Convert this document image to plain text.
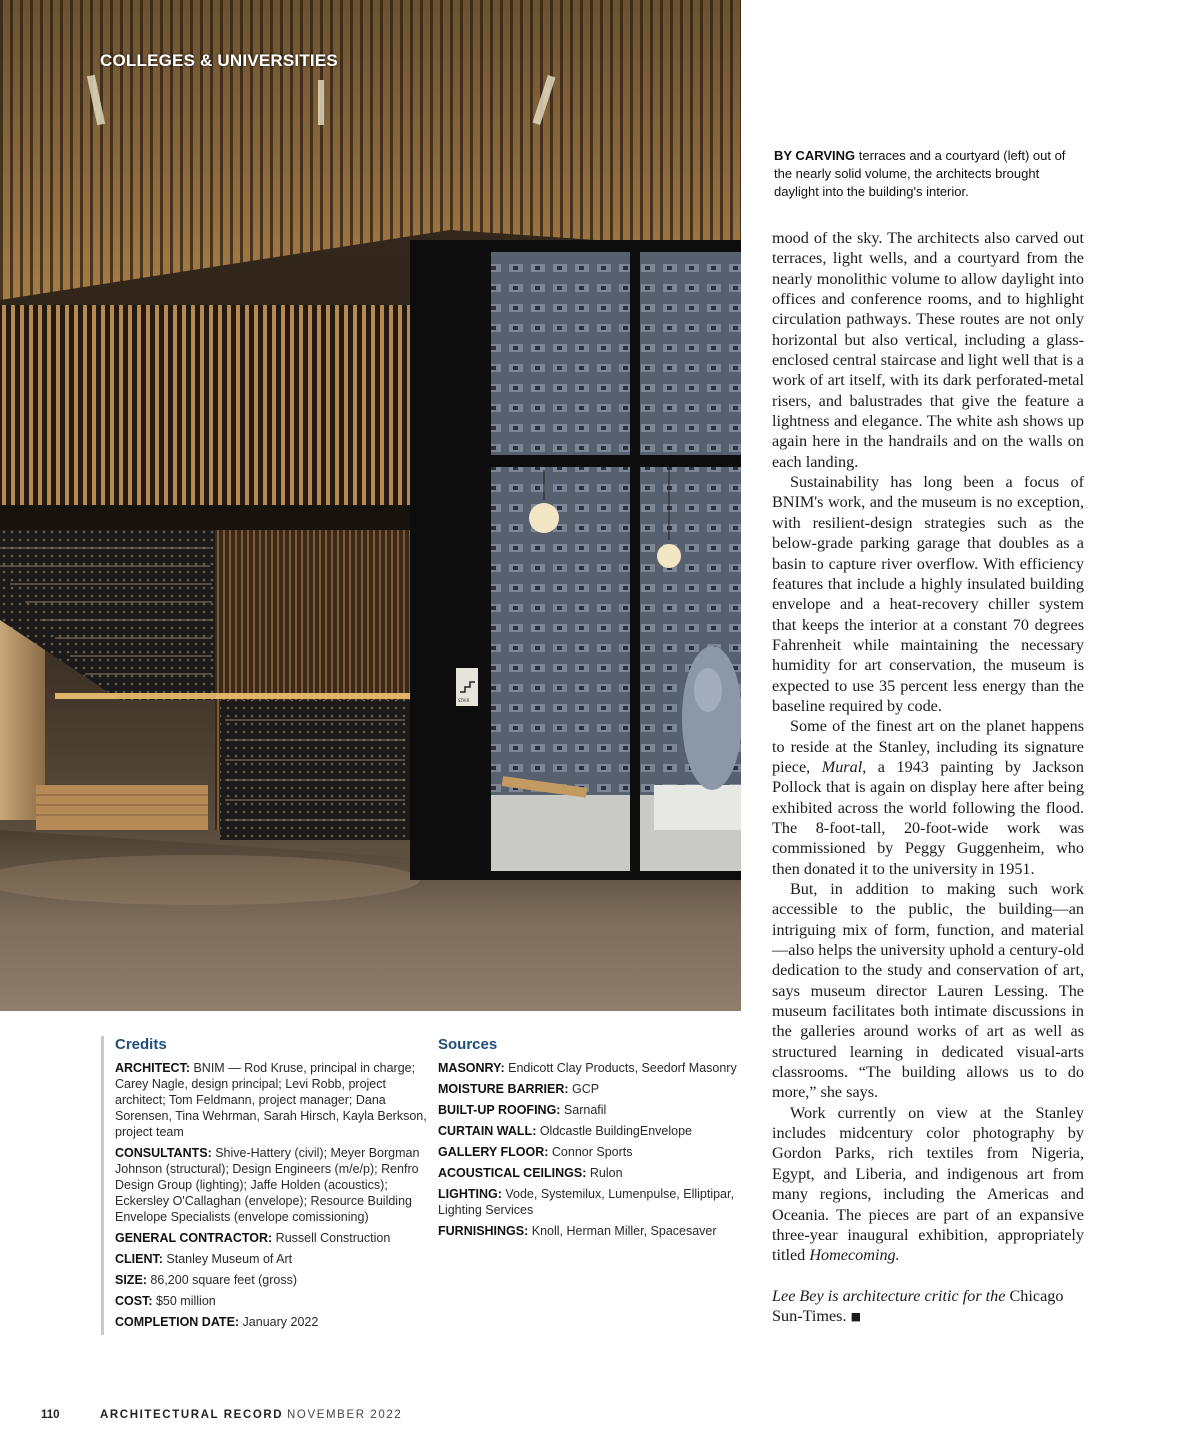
STAIR
COLLEGES & UNIVERSITIES

BY CARVING terraces and a courtyard (left) out of the nearly solid volume, the architects brought daylight into the building's interior.

mood of the sky. The architects also carved out terraces, light wells, and a courtyard from the nearly monolithic volume to allow daylight into offices and conference rooms, and to highlight circulation pathways. These routes are not only horizontal but also vertical, including a glass-enclosed central staircase and light well that is a work of art itself, with its dark perforated-metal risers, and balustrades that give the feature a lightness and elegance. The white ash shows up again here in the handrails and on the walls on each landing.

Sustainability has long been a focus of BNIM's work, and the museum is no exception, with resilient-design strategies such as the below-grade parking garage that doubles as a basin to capture river overflow. With efficiency features that include a highly insulated building envelope and a heat-recovery chiller system that keeps the interior at a constant 70 degrees Fahrenheit while maintaining the necessary humidity for art conservation, the museum is expected to use 35 percent less energy than the baseline required by code.

Some of the finest art on the planet happens to reside at the Stanley, including its signature piece, Mural, a 1943 painting by Jackson Pollock that is again on display here after being exhibited across the world following the flood. The 8-foot-tall, 20-foot-wide work was commissioned by Peggy Guggenheim, who then donated it to the university in 1951.

But, in addition to making such work accessible to the public, the building—an intriguing mix of form, function, and material—also helps the university uphold a century-old dedication to the study and conservation of art, says museum director Lauren Lessing. The museum facilitates both intimate discussions in the galleries around works of art as well as structured learning in dedicated visual-arts classrooms. “The building allows us to do more,” she says.

Work currently on view at the Stanley includes midcentury color photography by Gordon Parks, rich textiles from Nigeria, Egypt, and Liberia, and indigenous art from many regions, including the Americas and Oceania. The pieces are part of an expansive three-year inaugural exhibition, appropriately titled Homecoming.

Lee Bey is architecture critic for the Chicago Sun-Times. ■

Credits

ARCHITECT: BNIM — Rod Kruse, principal in charge; Carey Nagle, design principal; Levi Robb, project architect; Tom Feldmann, project manager; Dana Sorensen, Tina Wehrman, Sarah Hirsch, Kayla Berkson, project team

CONSULTANTS: Shive-Hattery (civil); Meyer Borgman Johnson (structural); Design Engineers (m/e/p); Renfro Design Group (lighting); Jaffe Holden (acoustics); Eckersley O'Callaghan (envelope); Resource Building Envelope Specialists (envelope comissioning)

GENERAL CONTRACTOR: Russell Construction

CLIENT: Stanley Museum of Art

SIZE: 86,200 square feet (gross)

COST: $50 million

COMPLETION DATE: January 2022

Sources

MASONRY: Endicott Clay Products, Seedorf Masonry

MOISTURE BARRIER: GCP

BUILT-UP ROOFING: Sarnafil

CURTAIN WALL: Oldcastle BuildingEnvelope

GALLERY FLOOR: Connor Sports

ACOUSTICAL CEILINGS: Rulon

LIGHTING: Vode, Systemilux, Lumenpulse, Elliptipar, Lighting Services

FURNISHINGS: Knoll, Herman Miller, Spacesaver

110	ARCHITECTURAL RECORD NOVEMBER 2022
